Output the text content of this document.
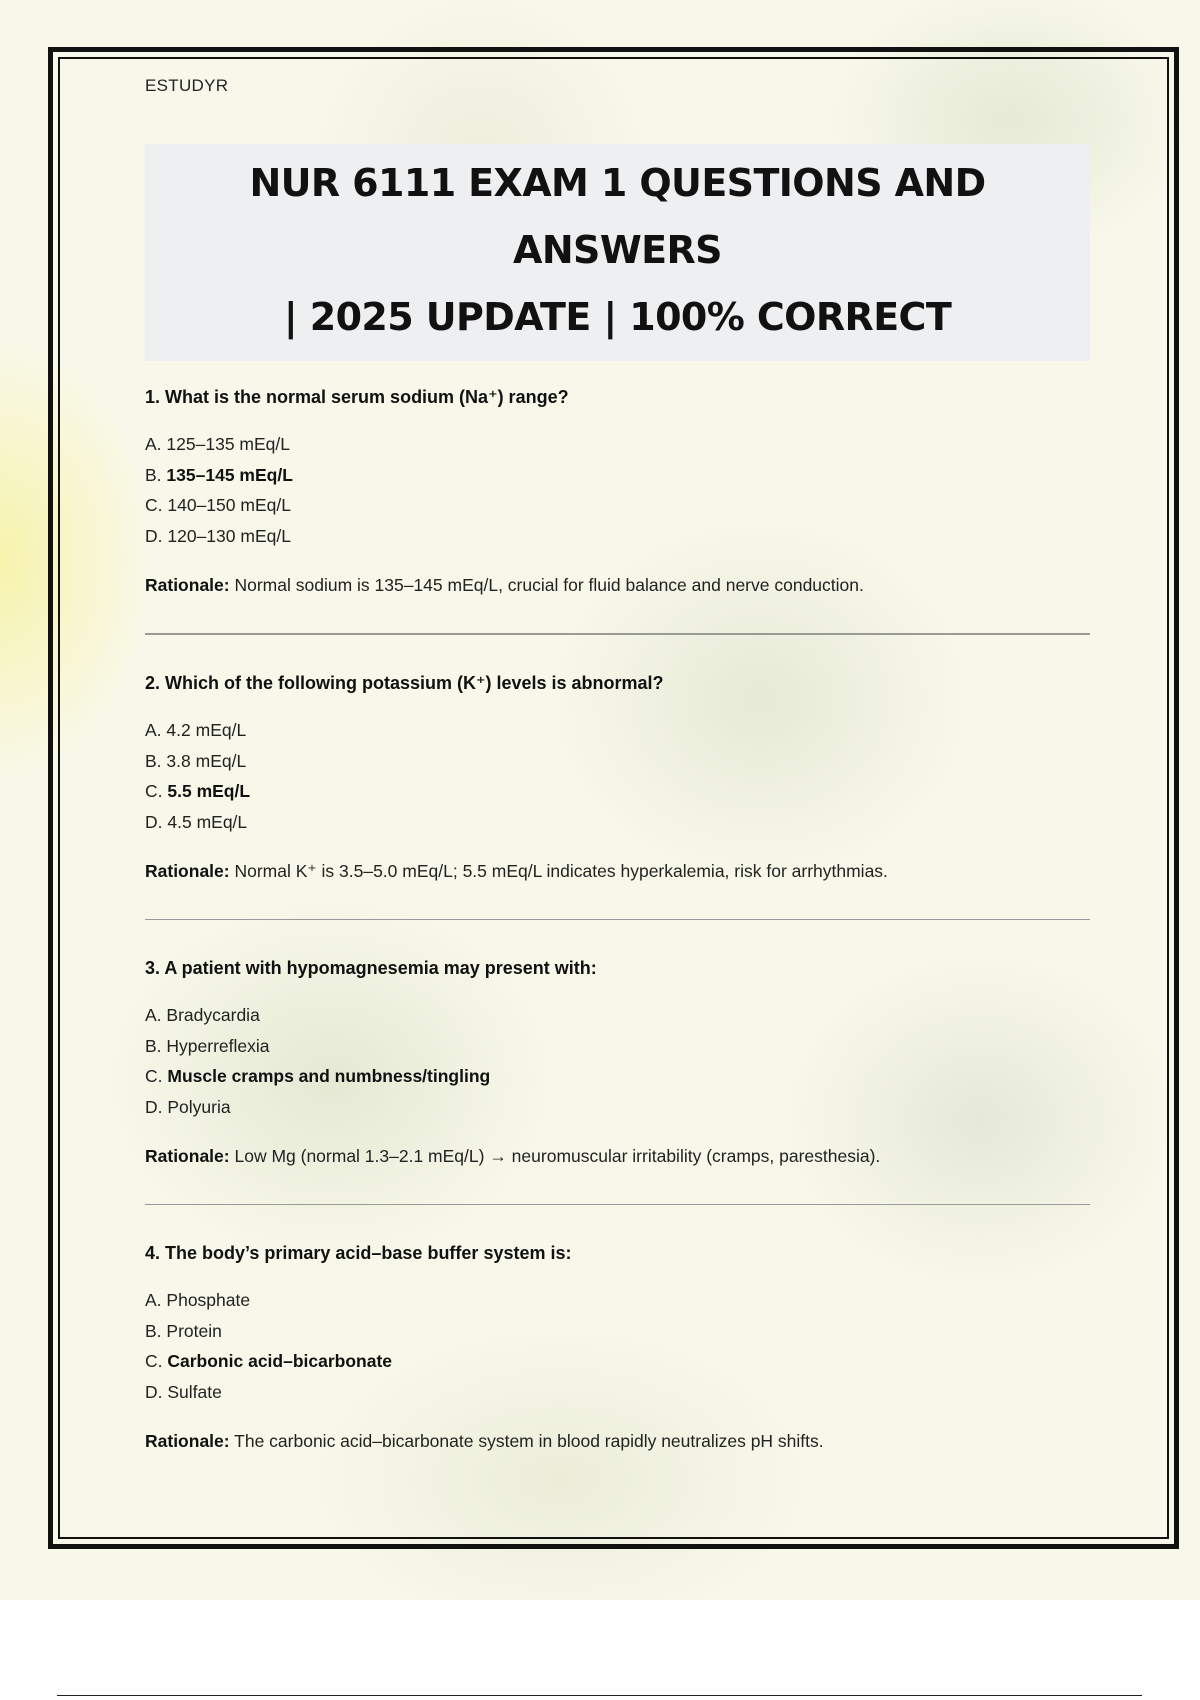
ESTUDYR
NUR 6111 EXAM 1 QUESTIONS AND ANSWERS
| 2025 UPDATE | 100% CORRECT

1. What is the normal serum sodium (Na⁺) range?

A. 125–135 mEq/L
B. 135–145 mEq/L
C. 140–150 mEq/L
D. 120–130 mEq/L

Rationale: Normal sodium is 135–145 mEq/L, crucial for fluid balance and nerve conduction.

2. Which of the following potassium (K⁺) levels is abnormal?

A. 4.2 mEq/L
B. 3.8 mEq/L
C. 5.5 mEq/L
D. 4.5 mEq/L

Rationale: Normal K⁺ is 3.5–5.0 mEq/L; 5.5 mEq/L indicates hyperkalemia, risk for arrhythmias.

3. A patient with hypomagnesemia may present with:

A. Bradycardia
B. Hyperreflexia
C. Muscle cramps and numbness/tingling
D. Polyuria

Rationale: Low Mg (normal 1.3–2.1 mEq/L) → neuromuscular irritability (cramps, paresthesia).

4. The body’s primary acid–base buffer system is:

A. Phosphate
B. Protein
C. Carbonic acid–bicarbonate
D. Sulfate

Rationale: The carbonic acid–bicarbonate system in blood rapidly neutralizes pH shifts.
